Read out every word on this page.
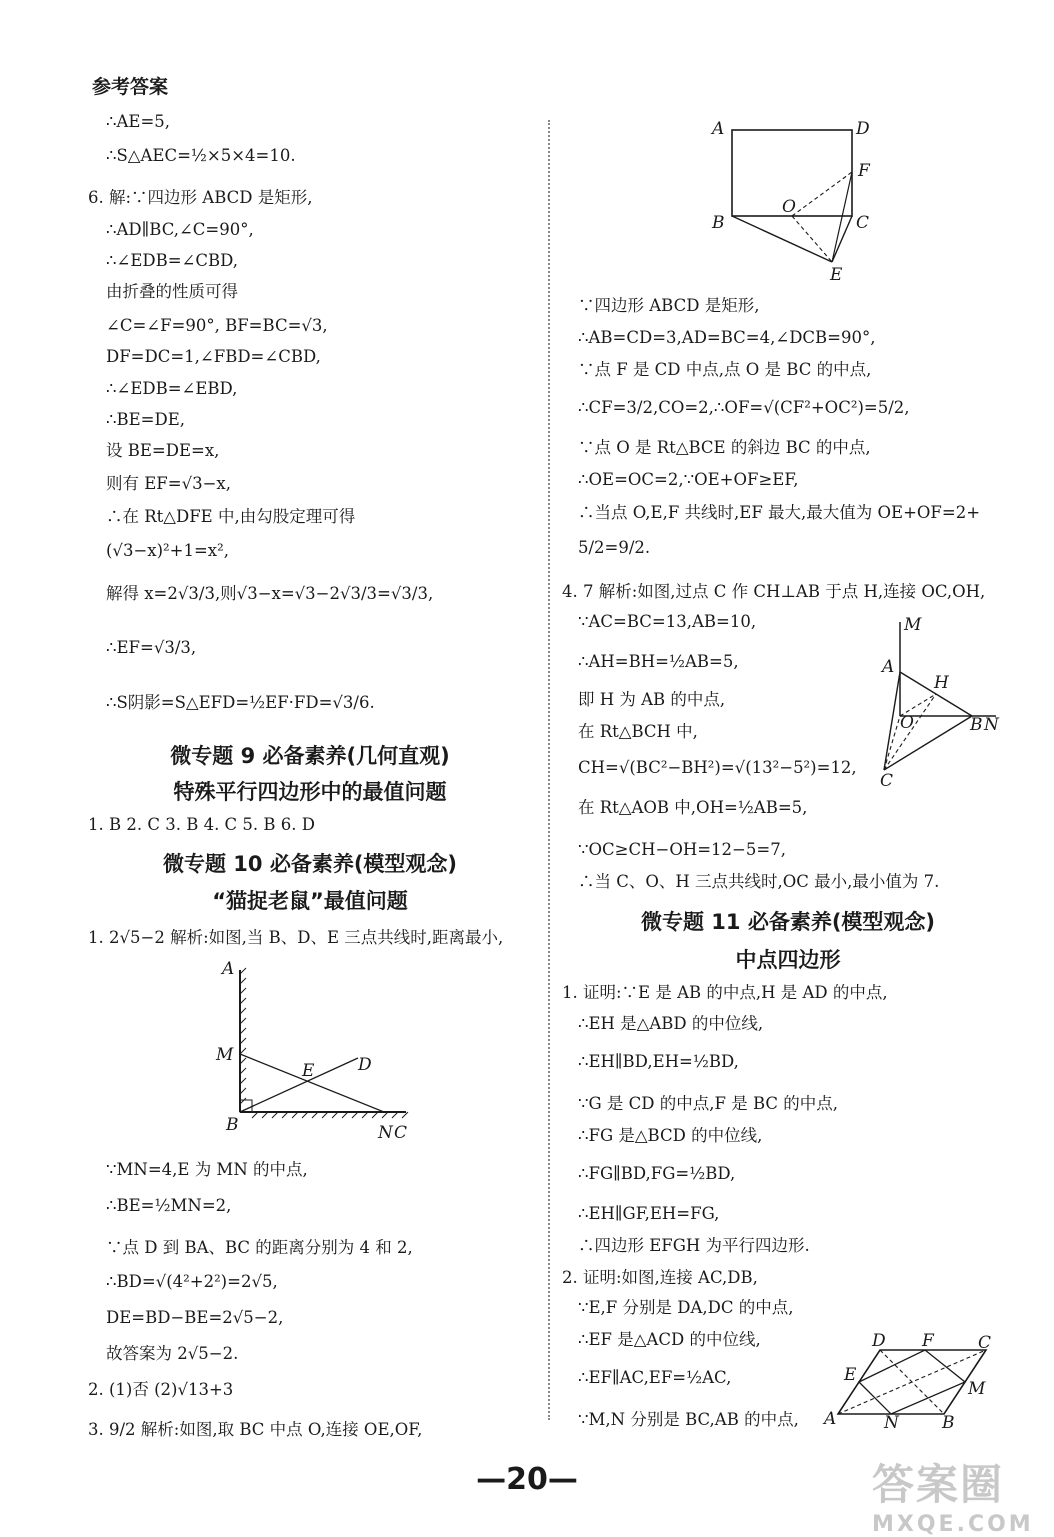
参考答案
∴AE=5,
∴S△AEC=½×5×4=10.
6. 解:∵四边形 ABCD 是矩形,
∴AD∥BC,∠C=90°,
∴∠EDB=∠CBD,
由折叠的性质可得
∠C=∠F=90°, BF=BC=√3,
DF=DC=1,∠FBD=∠CBD,
∴∠EDB=∠EBD,
∴BE=DE,
设 BE=DE=x,
则有 EF=√3−x,
∴在 Rt△DFE 中,由勾股定理可得
(√3−x)²+1=x²,
解得 x=2√3/3,则√3−x=√3−2√3/3=√3/3,
∴EF=√3/3,
∴S阴影=S△EFD=½EF·FD=√3/6.
微专题 9 必备素养(几何直观)
特殊平行四边形中的最值问题
1. B 2. C 3. B 4. C 5. B 6. D
微专题 10 必备素养(模型观念)
“猫捉老鼠”最值问题
1. 2√5−2 解析:如图,当 B、D、E 三点共线时,距离最小,
A
M
E	D
B	N C
∵MN=4,E 为 MN 的中点,
∴BE=½MN=2,
∵点 D 到 BA、BC 的距离分别为 4 和 2,
∴BD=√(4²+2²)=2√5,
DE=BD−BE=2√5−2,
故答案为 2√5−2.
2. (1)否 (2)√13+3
3. 9/2 解析:如图,取 BC 中点 O,连接 OE,OF,
A	D
F
O
B	C
E
∵四边形 ABCD 是矩形,
∴AB=CD=3,AD=BC=4,∠DCB=90°,
∵点 F 是 CD 中点,点 O 是 BC 的中点,
∴CF=3/2,CO=2,∴OF=√(CF²+OC²)=5/2,
∵点 O 是 Rt△BCE 的斜边 BC 的中点,
∴OE=OC=2,∵OE+OF≥EF,
∴当点 O,E,F 共线时,EF 最大,最大值为 OE+OF=2+
5/2=9/2.
4. 7 解析:如图,过点 C 作 CH⊥AB 于点 H,连接 OC,OH,
∵AC=BC=13,AB=10,
∴AH=BH=½AB=5,
即 H 为 AB 的中点,
在 Rt△BCH 中,
CH=√(BC²−BH²)=√(13²−5²)=12,
在 Rt△AOB 中,OH=½AB=5,
∵OC≥CH−OH=12−5=7,
∴当 C、O、H 三点共线时,OC 最小,最小值为 7.
M
A
H
O	B N
C
微专题 11 必备素养(模型观念)
中点四边形
1. 证明:∵E 是 AB 的中点,H 是 AD 的中点,
∴EH 是△ABD 的中位线,
∴EH∥BD,EH=½BD,
∵G 是 CD 的中点,F 是 BC 的中点,
∴FG 是△BCD 的中位线,
∴FG∥BD,FG=½BD,
∴EH∥GF,EH=FG,
∴四边形 EFGH 为平行四边形.
2. 证明:如图,连接 AC,DB,
∵E,F 分别是 DA,DC 的中点,
∴EF 是△ACD 的中位线,
∴EF∥AC,EF=½AC,
∵M,N 分别是 BC,AB 的中点,
D F	C
E
M
A	N	B
—20—	答案圈
MXQE.COM
